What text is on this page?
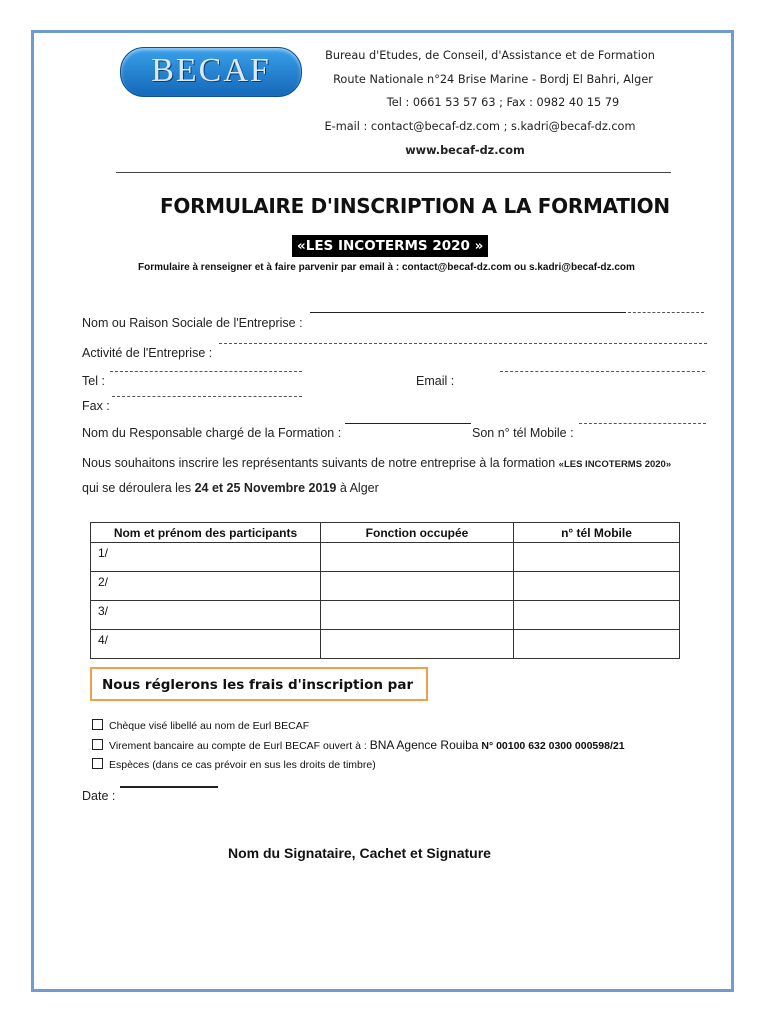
BECAF	Bureau d'Etudes, de Conseil, d'Assistance et de Formation
Route Nationale n°24 Brise Marine - Bordj El Bahri, Alger
Tel : 0661 53 57 63 ; Fax : 0982 40 15 79
E-mail : contact@becaf-dz.com ; s.kadri@becaf-dz.com
www.becaf-dz.com
FORMULAIRE D'INSCRIPTION A LA FORMATION
«LES INCOTERMS 2020 »
Formulaire à renseigner et à faire parvenir par email à : contact@becaf-dz.com ou s.kadri@becaf-dz.com
Nom ou Raison Sociale de l'Entreprise :
Activité de l'Entreprise :
Tel :	Email :
Fax :
Nom du Responsable chargé de la Formation :	Son n° tél Mobile :
Nous souhaitons inscrire les représentants suivants de notre entreprise à la formation «LES INCOTERMS 2020»
qui se déroulera les 24 et 25 Novembre 2019 à Alger
Nom et prénom des participants	Fonction occupée	n° tél Mobile
1/		
2/		
3/		
4/		
Nous réglerons les frais d'inscription par
Chèque visé libellé au nom de Eurl BECAF
Virement bancaire au compte de Eurl BECAF ouvert à : BNA Agence Rouiba N° 00100 632 0300 000598/21
Espèces (dans ce cas prévoir en sus les droits de timbre)
Date :
Nom du Signataire, Cachet et Signature
